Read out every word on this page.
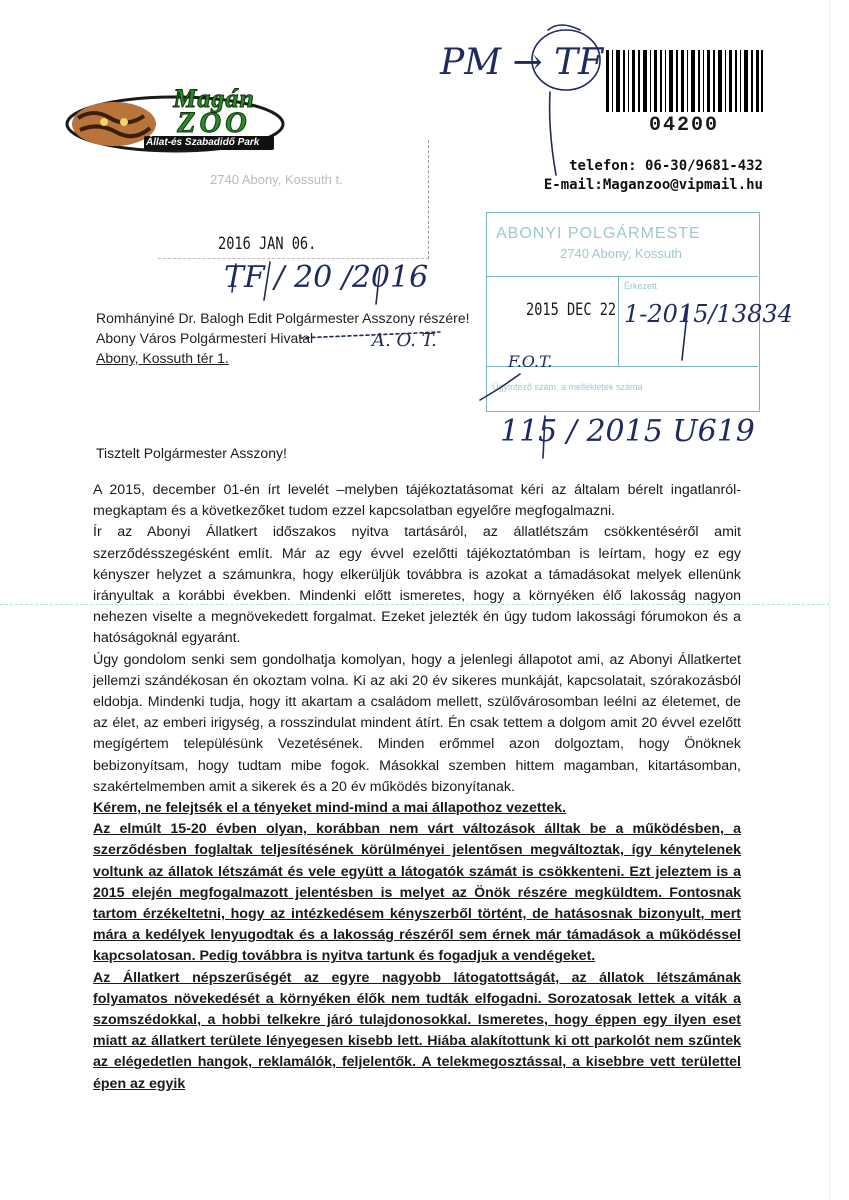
Magán
ZOO
Állat-és Szabadidő Park
04200
telefon: 06-30/9681-432
E-mail:Maganzoo@vipmail.hu
2740 Abony, Kossuth t.
2016 JAN 06.
ABONYI POLGÁRMESTE
2740 Abony, Kossuth
Érkezett
Ügyintéző szám, a mellékletek száma
2015 DEC 22
PM → TF
TF / 20 /2016
1-2015/13834
A. O. T.
F.O.T.
115 / 2015 U619
Romhányiné Dr. Balogh Edit Polgármester Asszony részére!
Abony Város Polgármesteri Hivatal
Abony, Kossuth tér 1.
Tisztelt Polgármester Asszony!

A 2015, december 01-én írt levelét –melyben tájékoztatásomat kéri az általam bérelt ingatlanról-megkaptam és a következőket tudom ezzel kapcsolatban egyelőre megfogalmazni.

Ír az Abonyi Állatkert időszakos nyitva tartásáról, az állatlétszám csökkentéséről amit szerződésszegésként említ. Már az egy évvel ezelőtti tájékoztatómban is leírtam, hogy ez egy kényszer helyzet a számunkra, hogy elkerüljük továbbra is azokat a támadásokat melyek ellenünk irányultak a korábbi években. Mindenki előtt ismeretes, hogy a környéken élő lakosság nagyon nehezen viselte a megnövekedett forgalmat. Ezeket jelezték én úgy tudom lakossági fórumokon és a hatóságoknál egyaránt.

Úgy gondolom senki sem gondolhatja komolyan, hogy a jelenlegi állapotot ami, az Abonyi Állatkertet jellemzi szándékosan én okoztam volna. Ki az aki 20 év sikeres munkáját, kapcsolatait, szórakozásból eldobja. Mindenki tudja, hogy itt akartam a családom mellett, szülővárosomban leélni az életemet, de az élet, az emberi irigység, a rosszindulat mindent átírt. Én csak tettem a dolgom amit 20 évvel ezelőtt megígértem településünk Vezetésének. Minden erőmmel azon dolgoztam, hogy Önöknek bebizonyítsam, hogy tudtam mibe fogok. Másokkal szemben hittem magamban, kitartásomban, szakértelmemben amit a sikerek és a 20 év működés bizonyítanak.

Kérem, ne felejtsék el a tényeket mind-mind a mai állapothoz vezettek.

Az elmúlt 15-20 évben olyan, korábban nem várt változások álltak be a működésben, a szerződésben foglaltak teljesítésének körülményei jelentősen megváltoztak, így kénytelenek voltunk az állatok létszámát és vele együtt a látogatók számát is csökkenteni. Ezt jeleztem is a 2015 elején megfogalmazott jelentésben is melyet az Önök részére megküldtem. Fontosnak tartom érzékeltetni, hogy az intézkedésem kényszerből történt, de hatásosnak bizonyult, mert mára a kedélyek lenyugodtak és a lakosság részéről sem érnek már támadások a működéssel kapcsolatosan. Pedig továbbra is nyitva tartunk és fogadjuk a vendégeket.

Az Állatkert népszerűségét az egyre nagyobb látogatottságát, az állatok létszámának folyamatos növekedését a környéken élők nem tudták elfogadni. Sorozatosak lettek a viták a szomszédokkal, a hobbi telkekre járó tulajdonosokkal. Ismeretes, hogy éppen egy ilyen eset miatt az állatkert területe lényegesen kisebb lett. Hiába alakítottunk ki ott parkolót nem szűntek az elégedetlen hangok, reklamálók, feljelentők. A telekmegosztással, a kisebbre vett területtel épen az egyik
